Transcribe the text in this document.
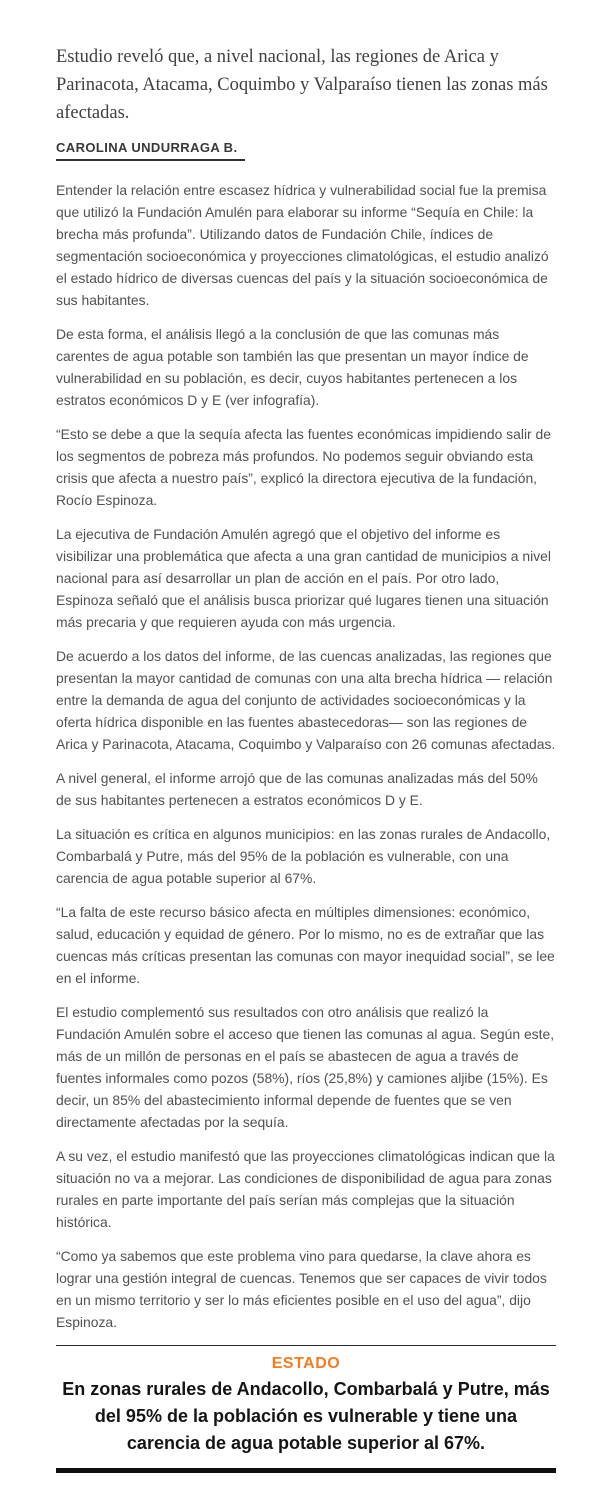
Estudio reveló que, a nivel nacional, las regiones de Arica y Parinacota, Atacama, Coquimbo y Valparaíso tienen las zonas más afectadas.
CAROLINA UNDURRAGA B.

Entender la relación entre escasez hídrica y vulnerabilidad social fue la premisa que utilizó la Fundación Amulén para elaborar su informe “Sequía en Chile: la brecha más profunda”. Utilizando datos de Fundación Chile, índices de segmentación socioeconómica y proyecciones climatológicas, el estudio analizó el estado hídrico de diversas cuencas del país y la situación socioeconómica de sus habitantes.

De esta forma, el análisis llegó a la conclusión de que las comunas más carentes de agua potable son también las que presentan un mayor índice de vulnerabilidad en su población, es decir, cuyos habitantes pertenecen a los estratos económicos D y E (ver infografía).

“Esto se debe a que la sequía afecta las fuentes económicas impidiendo salir de los segmentos de pobreza más profundos. No podemos seguir obviando esta crisis que afecta a nuestro país”, explicó la directora ejecutiva de la fundación, Rocío Espinoza.

La ejecutiva de Fundación Amulén agregó que el objetivo del informe es visibilizar una problemática que afecta a una gran cantidad de municipios a nivel nacional para así desarrollar un plan de acción en el país. Por otro lado, Espinoza señaló que el análisis busca priorizar qué lugares tienen una situación más precaria y que requieren ayuda con más urgencia.

De acuerdo a los datos del informe, de las cuencas analizadas, las regiones que presentan la mayor cantidad de comunas con una alta brecha hídrica — relación entre la demanda de agua del conjunto de actividades socioeconómicas y la oferta hídrica disponible en las fuentes abastecedoras— son las regiones de Arica y Parinacota, Atacama, Coquimbo y Valparaíso con 26 comunas afectadas.

A nivel general, el informe arrojó que de las comunas analizadas más del 50% de sus habitantes pertenecen a estratos económicos D y E.

La situación es crítica en algunos municipios: en las zonas rurales de Andacollo, Combarbalá y Putre, más del 95% de la población es vulnerable, con una carencia de agua potable superior al 67%.

“La falta de este recurso básico afecta en múltiples dimensiones: económico, salud, educación y equidad de género. Por lo mismo, no es de extrañar que las cuencas más críticas presentan las comunas con mayor inequidad social”, se lee en el informe.

El estudio complementó sus resultados con otro análisis que realizó la Fundación Amulén sobre el acceso que tienen las comunas al agua. Según este, más de un millón de personas en el país se abastecen de agua a través de fuentes informales como pozos (58%), ríos (25,8%) y camiones aljibe (15%). Es decir, un 85% del abastecimiento informal depende de fuentes que se ven directamente afectadas por la sequía.

A su vez, el estudio manifestó que las proyecciones climatológicas indican que la situación no va a mejorar. Las condiciones de disponibilidad de agua para zonas rurales en parte importante del país serían más complejas que la situación histórica.

“Como ya sabemos que este problema vino para quedarse, la clave ahora es lograr una gestión integral de cuencas. Tenemos que ser capaces de vivir todos en un mismo territorio y ser lo más eficientes posible en el uso del agua”, dijo Espinoza.

ESTADO
En zonas rurales de Andacollo, Combarbalá y Putre, más del 95% de la población es vulnerable y tiene una carencia de agua potable superior al 67%.
